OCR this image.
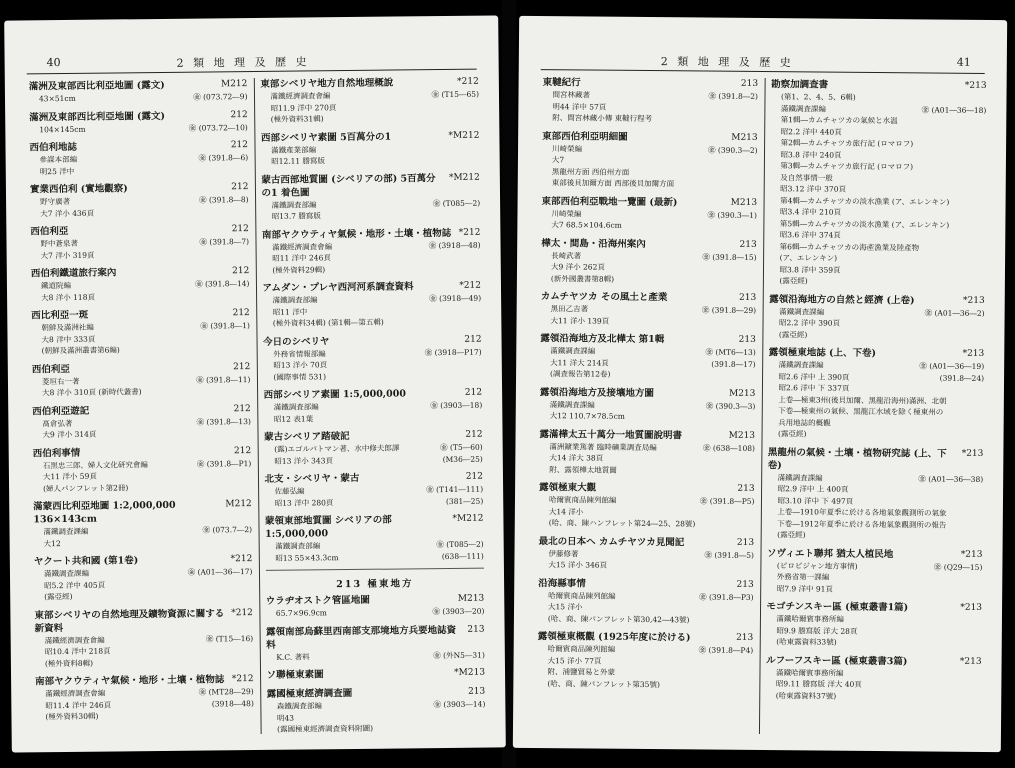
40	2 類 地 理 及 歷 史
滿洲及東部西比利亞地圖 (露文)	M212
43×51cm	㊎ (073.72―9)
滿洲及東部西比利亞地圖 (露文)	212
104×145cm	㊎ (073.72―10)
西伯利地誌	212
參謀本部編	㊎ (391.8―6)
明25 洋中
實業西伯利 (實地觀察)	212
野守廣著	㊎ (391.8―8)
大7 洋小 436頁
西伯利亞	212
野中蒼泉著	㊎ (391.8―7)
大7 洋小 319頁
西伯利鐵道旅行案內	212
鐵道院編	㊎ (391.8―14)
大8 洋小 118頁
西比利亞一斑	212
朝鮮及滿洲社編	㊎ (391.8―1)
大8 洋中 333頁
(朝鮮及滿洲叢書第6編)
西伯利亞	212
菱垣右一著	㊎ (391.8―11)
大8 洋小 310頁 (新時代叢書)
西伯利亞遊記	212
髙倉弘著	㊎ (391.8―13)
大9 洋小 314頁
西伯利事情	212
石黒忠三郎、婦人文化研究會編	㊎ (391.8―P1)
大11 洋小 59頁
(婦人パンフレット第2冊)
滿蒙西比利亞地圖 1:2,000,000 136×143cm
M212
滿鐵調査課編	㊎ (073.7―2)
大12
ヤクート共和國 (第1卷)	*212
滿鐵調査課編	㊎ (A01―36―17)
昭5.2 洋中 405頁
(露亞經)
東部シベリヤの自然地理及鑛物資源に關する新資料
*212
滿鐵經濟調査會編	㊎ (T15―16)
昭10.4 洋中 218頁
(極外資料8輯)
南部ヤクウティヤ氣候・地形・土壤・植物誌 *212
滿鐵經濟調査會編	㊎ (MT28―29)
昭11.4 洋中 246頁	(3918―48)
(極外資料30輯)
東部シベリヤ地方自然地理概說	*212
滿鐵經濟調査會編	㊎ (T15―65)
昭11.9 洋中 270頁
(極外資料31輯)
西部シベリヤ素圖 5百萬分の1	*M212
滿鐵產業部編
昭12.11 謄寫版
蒙古西部地質圖 (シベリアの部) 5百萬分の1 着色圖
*M212
滿鐵調査部編	㊎ (T085―2)
昭13.7 謄寫版
南部ヤクウティヤ氣候・地形・土壤・植物誌 *212
滿鐵經濟調査會編	㊎ (3918―48)
昭11 洋中 246頁
(極外資料29輯)
アムダン・プレヤ西河河系調査資料	*212
滿鐵調査部編	㊎ (3918―49)
昭11 洋中
(極外資料34輯) (第1輯―第五輯)
今日のシベリヤ	212
外務省情報部編	㊎ (3918―P17)
昭13 洋小 70頁
(國際事情 531)
西部シベリア素圖 1:5,000,000	212
滿鐵調査部編	㊎ (3903―18)
昭12 表1葉
蒙古シベリア踏破記	212
(露)エゴルパトマン著、水中修夫郎譯	㊎ (T5―60)
昭13 洋小 343頁	(M36―25)
北支・シベリヤ・蒙古	212
佐藤弘編	㊎ (T141―111)
昭13 洋中 280頁	(381―25)
蒙領東部地質圖 シベリアの部 1:5,000,000
*M212
滿鐵調査部編	㊎ (T085―2)
昭13 55×43.3cm	(638―111)
213 極東地方
ウラヂオストク管區地圖	M213
65.7×96.9cm	㊎ (3903―20)
露領南部烏蘇里西南部支那境地方兵要地誌資料
213
K.C. 著料	㊎ (外N5―31)
ソ聯極東素圖	*M213
露國極東經濟調査圖	213
森鐵調査部編	㊎ (3903―14)
明43
(露國極東經濟調査資料附圖)
2 類 地 理 及 歷 史	41
東韃紀行	213
間宮林藏著	㊎ (391.8―2)
明44 洋中 57頁
附、間宮林藏小傳 東韃行程考
東部西伯利亞明細圖	M213
川崎榮編	㊎ (390.3―2)
大7
黑龍州方面 西伯州方面
東部後貝加爾方面 西部後貝加爾方面
東部西伯利亞戰地一覽圖 (最新)	M213
川崎榮編	㊎ (390.3―1)
大7 68.5×104.6cm
樺太・間島・沿海州案內	213
長崎武著	㊎ (391.8―15)
大9 洋小 262頁
(新外國叢書第8輯)
カムチヤツカ その風土と產業	213
黑田乙吉著	㊎ (391.8―29)
大11 洋小 139頁
露領沿海地方及北樺太 第1輯	213
滿鐵調査課編	㊎ (MT6―13)
大11 洋大 214頁	(391.8―17)
(調査報告第12卷)
露領沿海地方及接壤地方圖	M213
滿鐵調査課編	㊎ (390.3―3)
大12 110.7×78.5cm
露滿樺太五十萬分一地質圖說明書	M213
滿洲鑛業篤著 臨時礦業調査局編	㊎ (638―108)
大14 洋大 38頁
附、露領樺太地質圖
露領極東大觀	213
哈爾賓商品陳列館編	㊎ (391.8―P5)
大14 洋小
(哈、商、陳ハンフレット第24―25、28號)
最北の日本へ カムチヤツカ見聞記	213
伊藤修著	㊎ (391.8―5)
大15 洋小 346頁
沿海縣事情	213
哈爾賓商品陳列館編	㊎ (391.8―P3)
大15 洋小
(哈、商、陳パンフレット第30,42―43號)
露領極東概觀 (1925年度に於ける)	213
哈爾賓商品陳列館編	㊎ (391.8―P4)
大15 洋小 77頁
附、浦鹽貿易と外蒙
(哈、商、陳パンフレット第35號)
勘察加調査書	*213
(第1、2、4、5、6輯)
滿鐵調査課編	㊎ (A01―36―18)
第1輯―カムチャツカの氣候と水温
昭2.2 洋中 440頁
第2輯―カムチャツカ旅行記 (ロマロフ)
昭3.8 洋中 240頁
第3輯―カムチャツカ旅行記 (ロマロフ)
及自然事情一般
昭3.12 洋中 370頁
第4輯―カムチャツカの淡水漁業 (ア、エレンキン)
昭3.4 洋中 210頁
第5輯―カムチャツカの淡水漁業 (ア、エレンキン)
昭3.6 洋中 374頁
第6輯―カムチャツカの海產漁業及陸產物
(ア、エレンキン)
昭3.8 洋中 359頁
(露亞經)
露領沿海地方の自然と經濟 (上卷)	*213
滿鐵調査課編	㊎ (A01―36―2)
昭2.2 洋中 390頁
(露亞經)
露領極東地誌 (上、下卷)	*213
滿鐵調査課編	㊎ (A01―36―19)
昭2.6 洋中 上 390頁	(391.8―24)
昭2.6 洋中 下 337頁
上卷―極東3州(後貝加爾、黑龍沿海州)滿洲、北朝
下卷―極東州の氣候、黑龍江水域を除く極東州の
兵用地誌的概觀
(露亞經)
黑龍州の氣候・土壤・植物研究誌 (上、下卷)
*213
滿鐵調査課編	㊎ (A01―36―38)
昭2.9 洋中 上 400頁
昭3.10 洋中 下 497頁
上卷―1910年夏季に於ける各地氣象觀測所の氣象
下卷―1912年夏季に於ける各地氣象觀測所の報告
(露亞經)
ソヴィエト聯邦 猶太人植民地	*213
(ビロビジャン地方事情)	㊎ (Q29―15)
外務省第一課編
昭7.9 洋中 91頁
モゴチンスキー區 (極東叢書1篇)	*213
滿鐵哈爾賓事務所編
昭9.9 謄寫版 洋大 28頁
(哈東露資料33號)
ルフーフスキー區 (極東叢書3篇)	*213
滿鐵哈爾賓事務所編
昭9.11 謄寫版 洋大 40頁
(哈東露資料37號)
